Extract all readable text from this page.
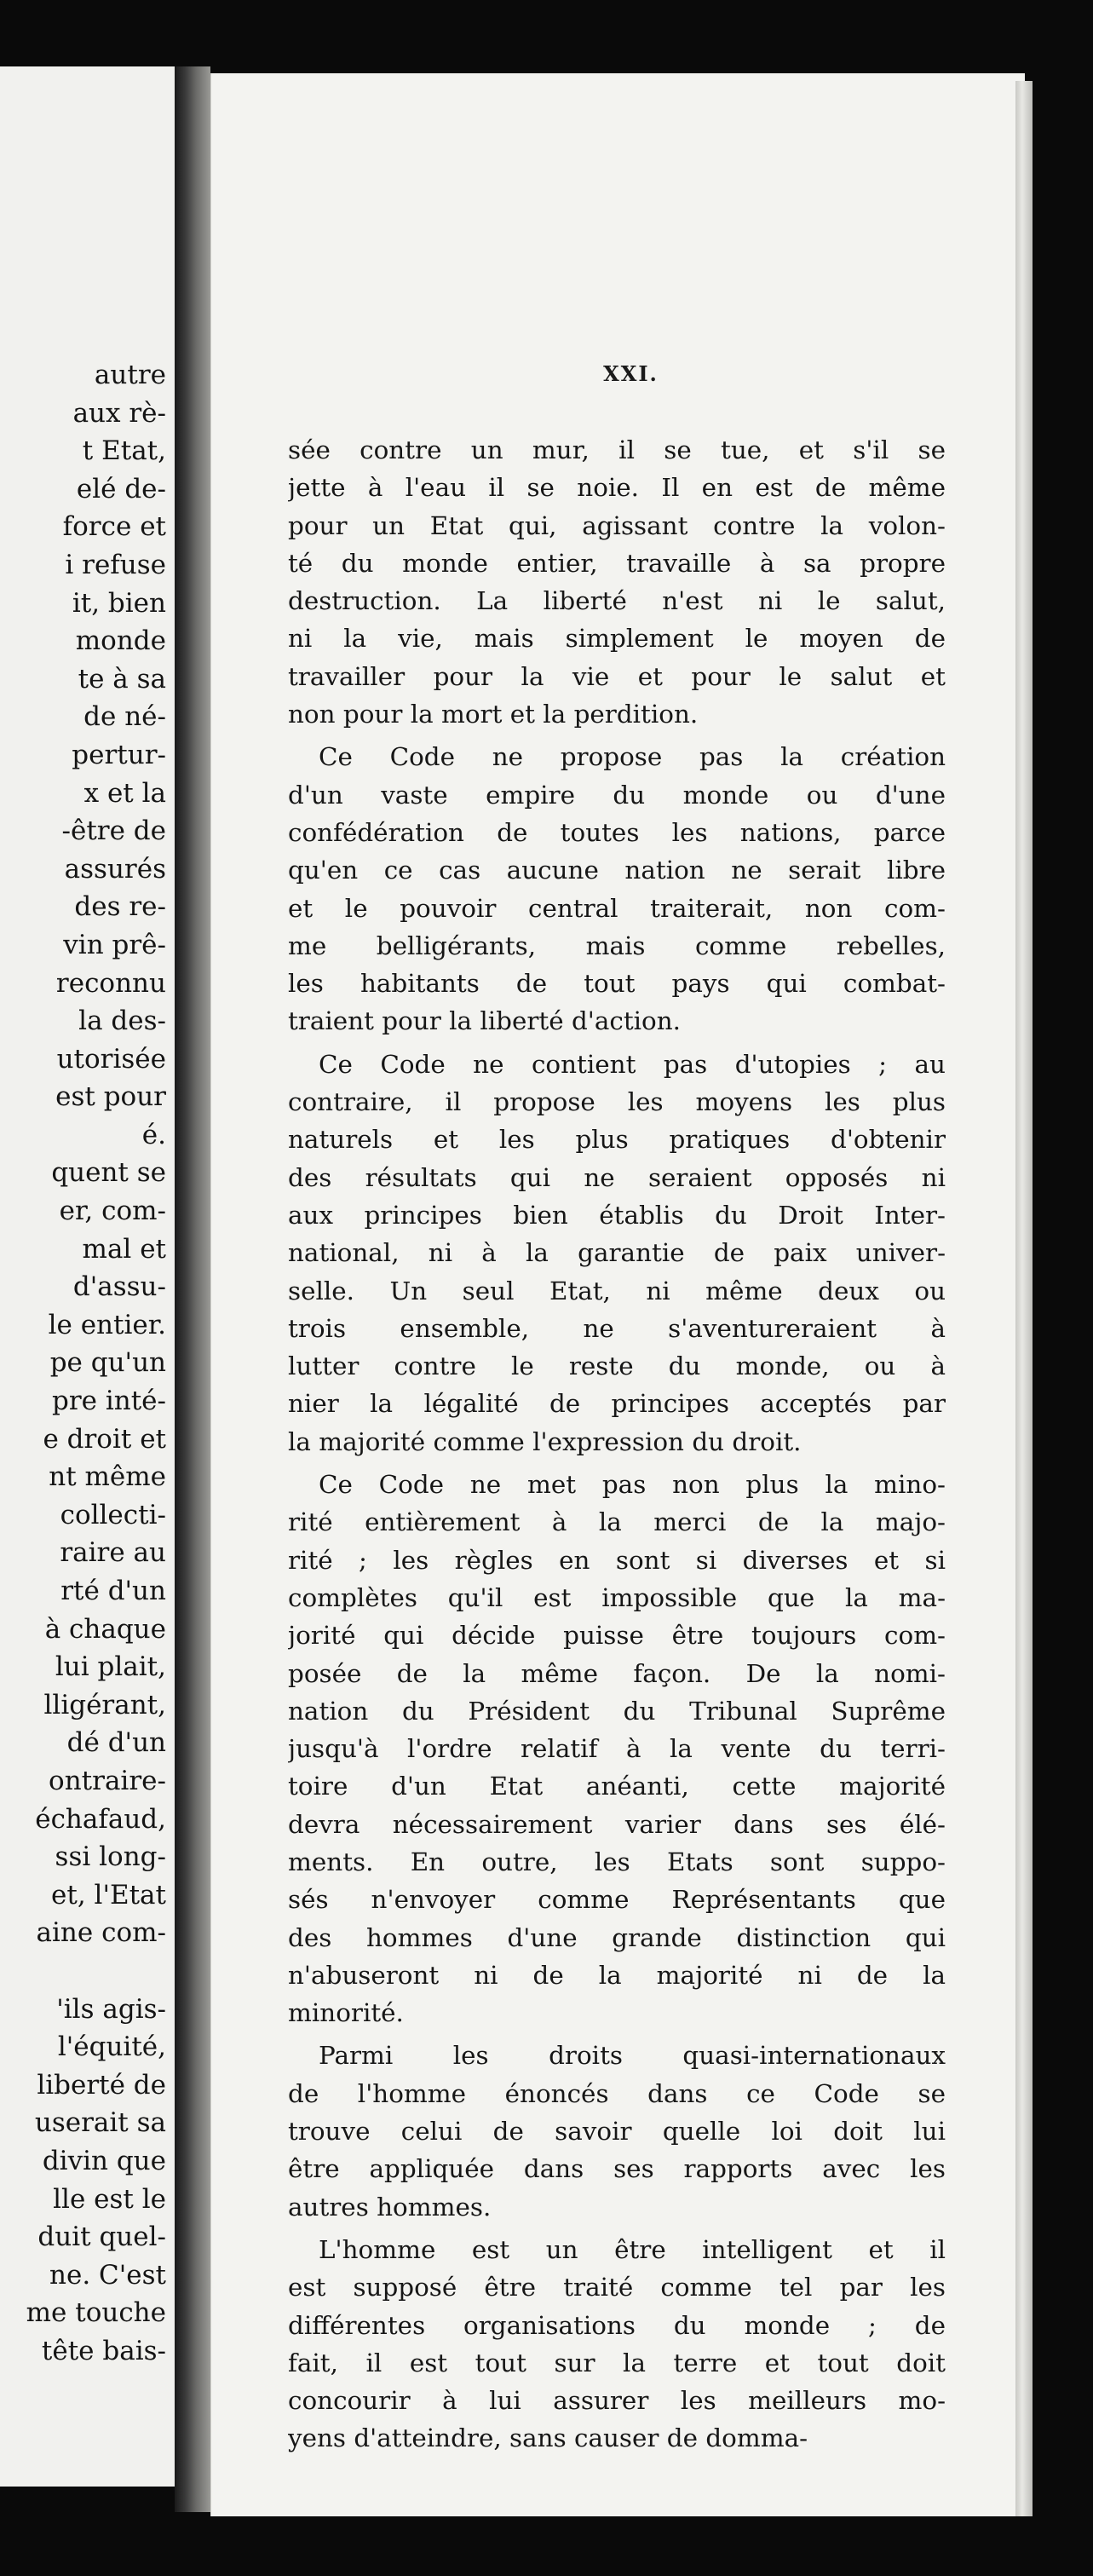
autre
aux rè-
t Etat,
elé de-
force et
i refuse
it, bien
monde
te à sa
de né-
pertur-
x et la
-être de
assurés
des re-
vin prê-
reconnu
la des-
utorisée
est pour
é.
quent se
er, com-
mal et
d'assu-
le entier.
pe qu'un
pre inté-
e droit et
nt même
collecti-
raire au
rté d'un
à chaque
lui plait,
lligérant,
dé d'un
ontraire-
échafaud,
ssi long-
et, l'Etat
aine com-
'ils agis-
l'équité,
liberté de
userait sa
divin que
lle est le
duit quel-
ne. C'est
me touche
tête bais-
XXI.
sée contre un mur, il se tue, et s'il se
jette à l'eau il se noie. Il en est de même
pour un Etat qui, agissant contre la volon-
té du monde entier, travaille à sa propre
destruction. La liberté n'est ni le salut,
ni la vie, mais simplement le moyen de
travailler pour la vie et pour le salut et
non pour la mort et la perdition.
Ce Code ne propose pas la création
d'un vaste empire du monde ou d'une
confédération de toutes les nations, parce
qu'en ce cas aucune nation ne serait libre
et le pouvoir central traiterait, non com-
me belligérants, mais comme rebelles,
les habitants de tout pays qui combat-
traient pour la liberté d'action.
Ce Code ne contient pas d'utopies ; au
contraire, il propose les moyens les plus
naturels et les plus pratiques d'obtenir
des résultats qui ne seraient opposés ni
aux principes bien établis du Droit Inter-
national, ni à la garantie de paix univer-
selle. Un seul Etat, ni même deux ou
trois ensemble, ne s'aventureraient à
lutter contre le reste du monde, ou à
nier la légalité de principes acceptés par
la majorité comme l'expression du droit.
Ce Code ne met pas non plus la mino-
rité entièrement à la merci de la majo-
rité ; les règles en sont si diverses et si
complètes qu'il est impossible que la ma-
jorité qui décide puisse être toujours com-
posée de la même façon. De la nomi-
nation du Président du Tribunal Suprême
jusqu'à l'ordre relatif à la vente du terri-
toire d'un Etat anéanti, cette majorité
devra nécessairement varier dans ses élé-
ments. En outre, les Etats sont suppo-
sés n'envoyer comme Représentants que
des hommes d'une grande distinction qui
n'abuseront ni de la majorité ni de la
minorité.
Parmi les droits quasi-internationaux
de l'homme énoncés dans ce Code se
trouve celui de savoir quelle loi doit lui
être appliquée dans ses rapports avec les
autres hommes.
L'homme est un être intelligent et il
est supposé être traité comme tel par les
différentes organisations du monde ; de
fait, il est tout sur la terre et tout doit
concourir à lui assurer les meilleurs mo-
yens d'atteindre, sans causer de domma-
